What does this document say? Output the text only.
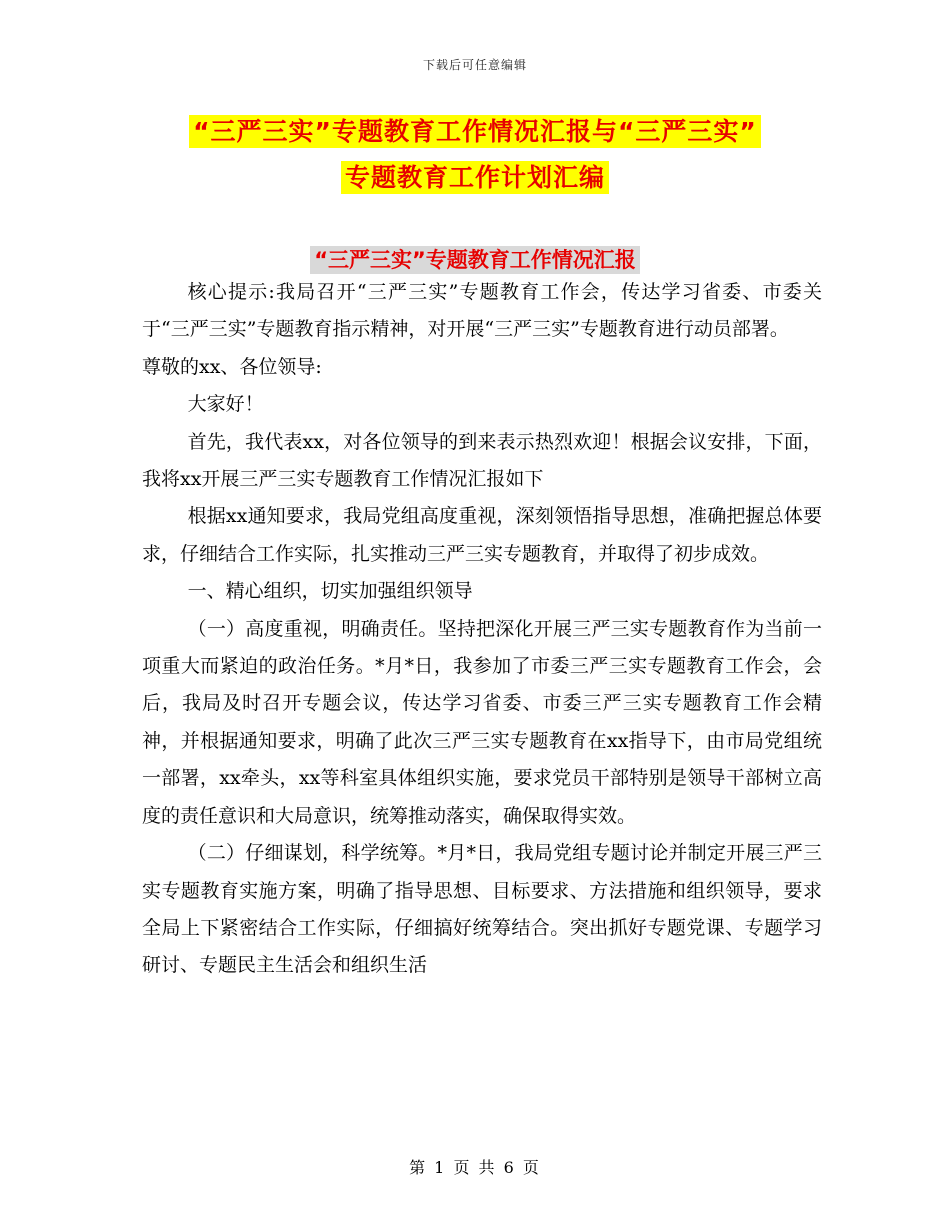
下载后可任意编辑
“三严三实”专题教育工作情况汇报与“三严三实”
专题教育工作计划汇编
“三严三实”专题教育工作情况汇报

核心提示:我局召开“三严三实”专题教育工作会，传达学习省委、市委关于“三严三实”专题教育指示精神，对开展“三严三实”专题教育进行动员部署。

尊敬的xx、各位领导:

大家好！

首先，我代表xx，对各位领导的到来表示热烈欢迎！根据会议安排，下面，我将xx开展三严三实专题教育工作情况汇报如下

根据xx通知要求，我局党组高度重视，深刻领悟指导思想，准确把握总体要求，仔细结合工作实际，扎实推动三严三实专题教育，并取得了初步成效。

一、精心组织，切实加强组织领导

（一）高度重视，明确责任。坚持把深化开展三严三实专题教育作为当前一项重大而紧迫的政治任务。*月*日，我参加了市委三严三实专题教育工作会，会后，我局及时召开专题会议，传达学习省委、市委三严三实专题教育工作会精神，并根据通知要求，明确了此次三严三实专题教育在xx指导下，由市局党组统一部署，xx牵头，xx等科室具体组织实施，要求党员干部特别是领导干部树立高度的责任意识和大局意识，统筹推动落实，确保取得实效。

（二）仔细谋划，科学统筹。*月*日，我局党组专题讨论并制定开展三严三实专题教育实施方案，明确了指导思想、目标要求、方法措施和组织领导，要求全局上下紧密结合工作实际，仔细搞好统筹结合。突出抓好专题党课、专题学习研讨、专题民主生活会和组织生活

第 1 页 共 6 页
